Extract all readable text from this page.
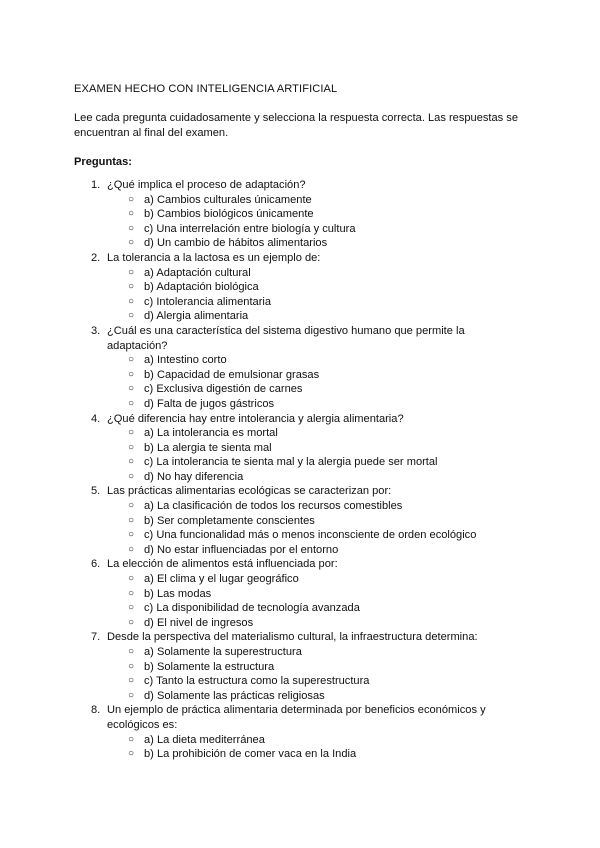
EXAMEN HECHO CON INTELIGENCIA ARTIFICIAL
Lee cada pregunta cuidadosamente y selecciona la respuesta correcta. Las respuestas se encuentran al final del examen.
Preguntas:
1. ¿Qué implica el proceso de adaptación?
○ a) Cambios culturales únicamente
○ b) Cambios biológicos únicamente
○ c) Una interrelación entre biología y cultura
○ d) Un cambio de hábitos alimentarios
2. La tolerancia a la lactosa es un ejemplo de:
○ a) Adaptación cultural
○ b) Adaptación biológica
○ c) Intolerancia alimentaria
○ d) Alergia alimentaria
3. ¿Cuál es una característica del sistema digestivo humano que permite la adaptación?
○ a) Intestino corto
○ b) Capacidad de emulsionar grasas
○ c) Exclusiva digestión de carnes
○ d) Falta de jugos gástricos
4. ¿Qué diferencia hay entre intolerancia y alergia alimentaria?
○ a) La intolerancia es mortal
○ b) La alergia te sienta mal
○ c) La intolerancia te sienta mal y la alergia puede ser mortal
○ d) No hay diferencia
5. Las prácticas alimentarias ecológicas se caracterizan por:
○ a) La clasificación de todos los recursos comestibles
○ b) Ser completamente conscientes
○ c) Una funcionalidad más o menos inconsciente de orden ecológico
○ d) No estar influenciadas por el entorno
6. La elección de alimentos está influenciada por:
○ a) El clima y el lugar geográfico
○ b) Las modas
○ c) La disponibilidad de tecnología avanzada
○ d) El nivel de ingresos
7. Desde la perspectiva del materialismo cultural, la infraestructura determina:
○ a) Solamente la superestructura
○ b) Solamente la estructura
○ c) Tanto la estructura como la superestructura
○ d) Solamente las prácticas religiosas
8. Un ejemplo de práctica alimentaria determinada por beneficios económicos y ecológicos es:
○ a) La dieta mediterránea
○ b) La prohibición de comer vaca en la India
